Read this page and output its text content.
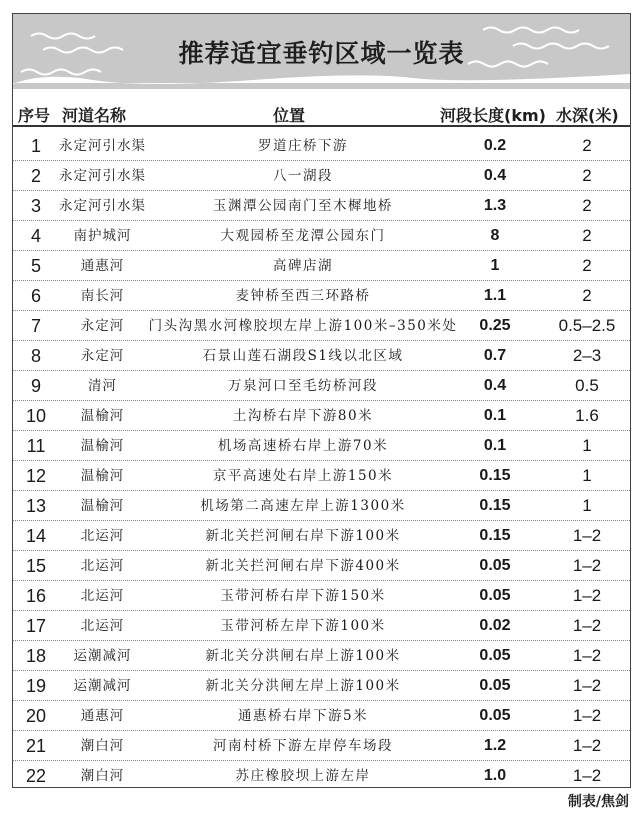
推荐适宜垂钓区域一览表
序号 河道名称	位置	河段长度(km) 水深(米)
1	永定河引水渠	罗道庄桥下游	0.2	2
2	永定河引水渠	八一湖段	0.4	2
3	永定河引水渠	玉渊潭公园南门至木樨地桥	1.3	2
4	南护城河	大观园桥至龙潭公园东门	8	2
5	通惠河	高碑店湖	1	2
6	南长河	麦钟桥至西三环路桥	1.1	2
7	永定河	门头沟黑水河橡胶坝左岸上游100米–350米处	0.25	0.5–2.5
8	永定河	石景山莲石湖段S1线以北区域	0.7	2–3
9	清河	万泉河口至毛纺桥河段	0.4	0.5
10	温榆河	土沟桥右岸下游80米	0.1	1.6
11	温榆河	机场高速桥右岸上游70米	0.1	1
12	温榆河	京平高速处右岸上游150米	0.15	1
13	温榆河	机场第二高速左岸上游1300米	0.15	1
14	北运河	新北关拦河闸右岸下游100米	0.15	1–2
15	北运河	新北关拦河闸右岸下游400米	0.05	1–2
16	北运河	玉带河桥右岸下游150米	0.05	1–2
17	北运河	玉带河桥左岸下游100米	0.02	1–2
18	运潮减河	新北关分洪闸右岸上游100米	0.05	1–2
19	运潮减河	新北关分洪闸左岸上游100米	0.05	1–2
20	通惠河	通惠桥右岸下游5米	0.05	1–2
21	潮白河	河南村桥下游左岸停车场段	1.2	1–2
22	潮白河	苏庄橡胶坝上游左岸	1.0	1–2
制表/焦剑
